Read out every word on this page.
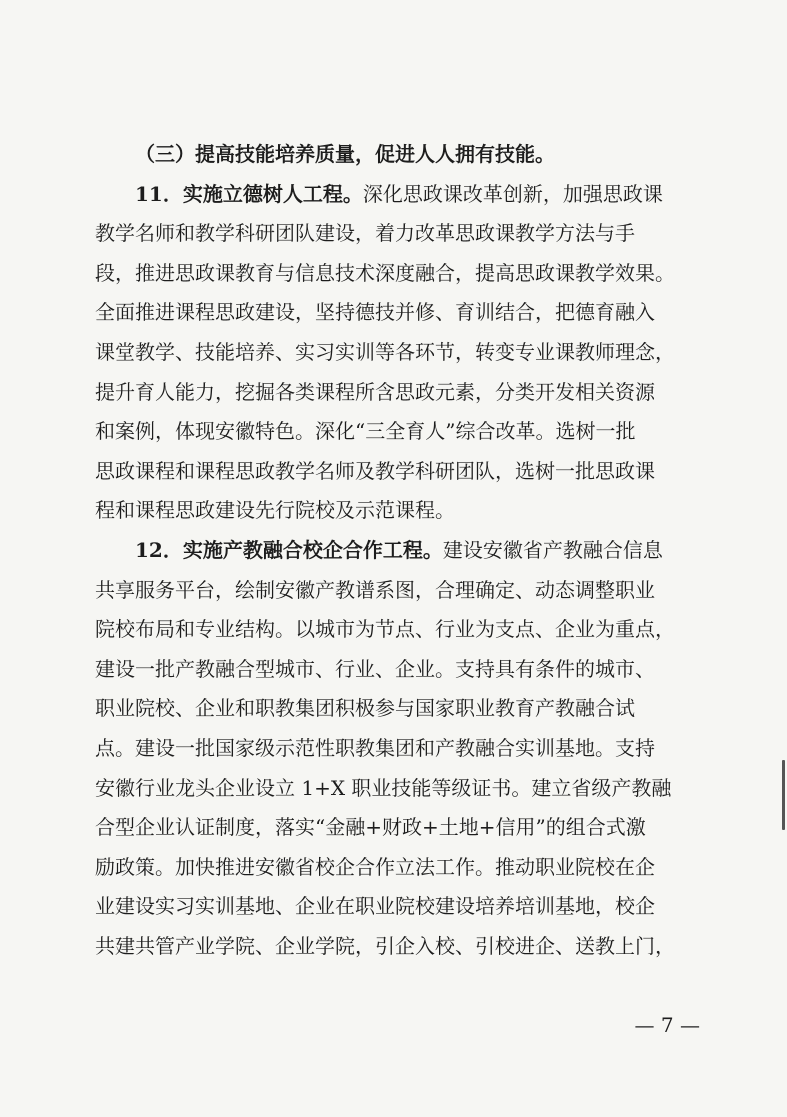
（三）提高技能培养质量，促进人人拥有技能。
11．实施立德树人工程。深化思政课改革创新，加强思政课
教学名师和教学科研团队建设，着力改革思政课教学方法与手
段，推进思政课教育与信息技术深度融合，提高思政课教学效果。
全面推进课程思政建设，坚持德技并修、育训结合，把德育融入
课堂教学、技能培养、实习实训等各环节，转变专业课教师理念，
提升育人能力，挖掘各类课程所含思政元素，分类开发相关资源
和案例，体现安徽特色。深化“三全育人”综合改革。选树一批
思政课程和课程思政教学名师及教学科研团队，选树一批思政课
程和课程思政建设先行院校及示范课程。
12．实施产教融合校企合作工程。建设安徽省产教融合信息
共享服务平台，绘制安徽产教谱系图，合理确定、动态调整职业
院校布局和专业结构。以城市为节点、行业为支点、企业为重点，
建设一批产教融合型城市、行业、企业。支持具有条件的城市、
职业院校、企业和职教集团积极参与国家职业教育产教融合试
点。建设一批国家级示范性职教集团和产教融合实训基地。支持
安徽行业龙头企业设立 1+X 职业技能等级证书。建立省级产教融
合型企业认证制度，落实“金融+财政+土地+信用”的组合式激
励政策。加快推进安徽省校企合作立法工作。推动职业院校在企
业建设实习实训基地、企业在职业院校建设培养培训基地，校企
共建共管产业学院、企业学院，引企入校、引校进企、送教上门，
— 7 —
